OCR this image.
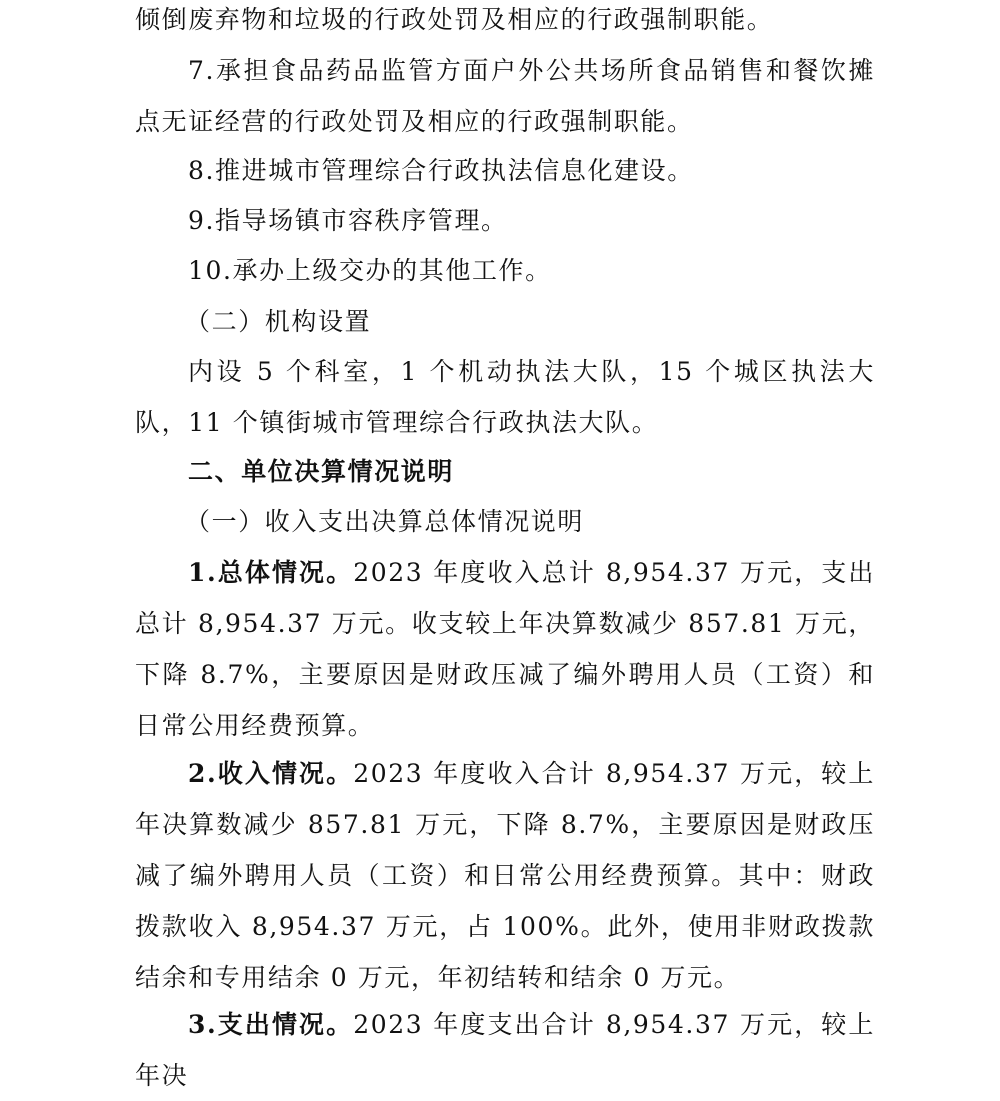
倾倒废弃物和垃圾的行政处罚及相应的行政强制职能。
7.承担食品药品监管方面户外公共场所食品销售和餐饮摊点无证经营的行政处罚及相应的行政强制职能。
8.推进城市管理综合行政执法信息化建设。
9.指导场镇市容秩序管理。
10.承办上级交办的其他工作。
（二）机构设置
内设 5 个科室，1 个机动执法大队，15 个城区执法大队，11 个镇街城市管理综合行政执法大队。
二、单位决算情况说明
（一）收入支出决算总体情况说明
1.总体情况。2023 年度收入总计 8,954.37 万元，支出总计 8,954.37 万元。收支较上年决算数减少 857.81 万元，下降 8.7%，主要原因是财政压减了编外聘用人员（工资）和日常公用经费预算。
2.收入情况。2023 年度收入合计 8,954.37 万元，较上年决算数减少 857.81 万元，下降 8.7%，主要原因是财政压减了编外聘用人员（工资）和日常公用经费预算。其中：财政拨款收入 8,954.37 万元，占 100%。此外，使用非财政拨款结余和专用结余 0 万元，年初结转和结余 0 万元。
3.支出情况。2023 年度支出合计 8,954.37 万元，较上年决
